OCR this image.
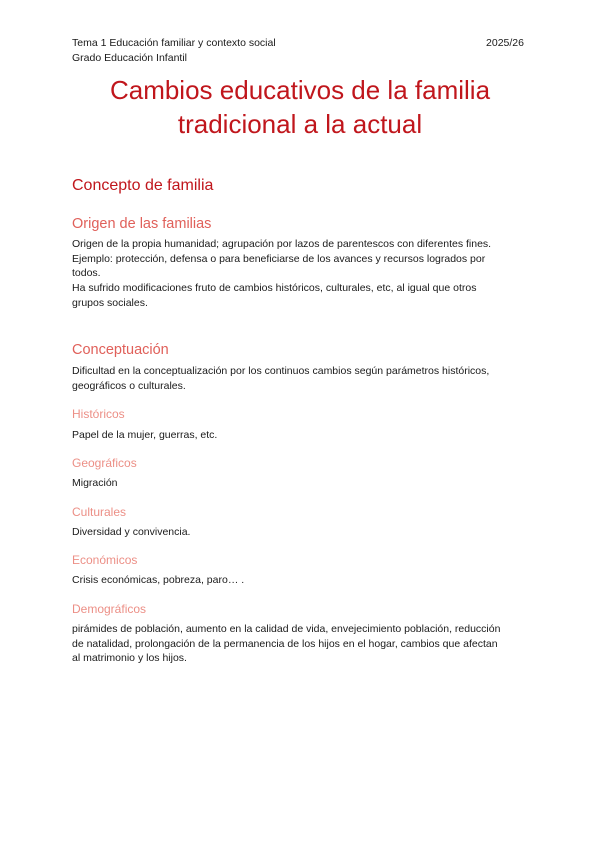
Tema 1 Educación familiar y contexto social
Grado Educación Infantil
2025/26
Cambios educativos de la familia
tradicional a la actual
Concepto de familia
Origen de las familias
Origen de la propia humanidad; agrupación por lazos de parentescos con diferentes fines.
Ejemplo: protección, defensa o para beneficiarse de los avances y recursos logrados por
todos.
Ha sufrido modificaciones fruto de cambios históricos, culturales, etc, al igual que otros
grupos sociales.
Conceptuación
Dificultad en la conceptualización por los continuos cambios según parámetros históricos,
geográficos o culturales.
Históricos
Papel de la mujer, guerras, etc.
Geográficos
Migración
Culturales
Diversidad y convivencia.
Económicos
Crisis económicas, pobreza, paro… .
Demográficos
pirámides de población, aumento en la calidad de vida, envejecimiento población, reducción
de natalidad, prolongación de la permanencia de los hijos en el hogar, cambios que afectan
al matrimonio y los hijos.
